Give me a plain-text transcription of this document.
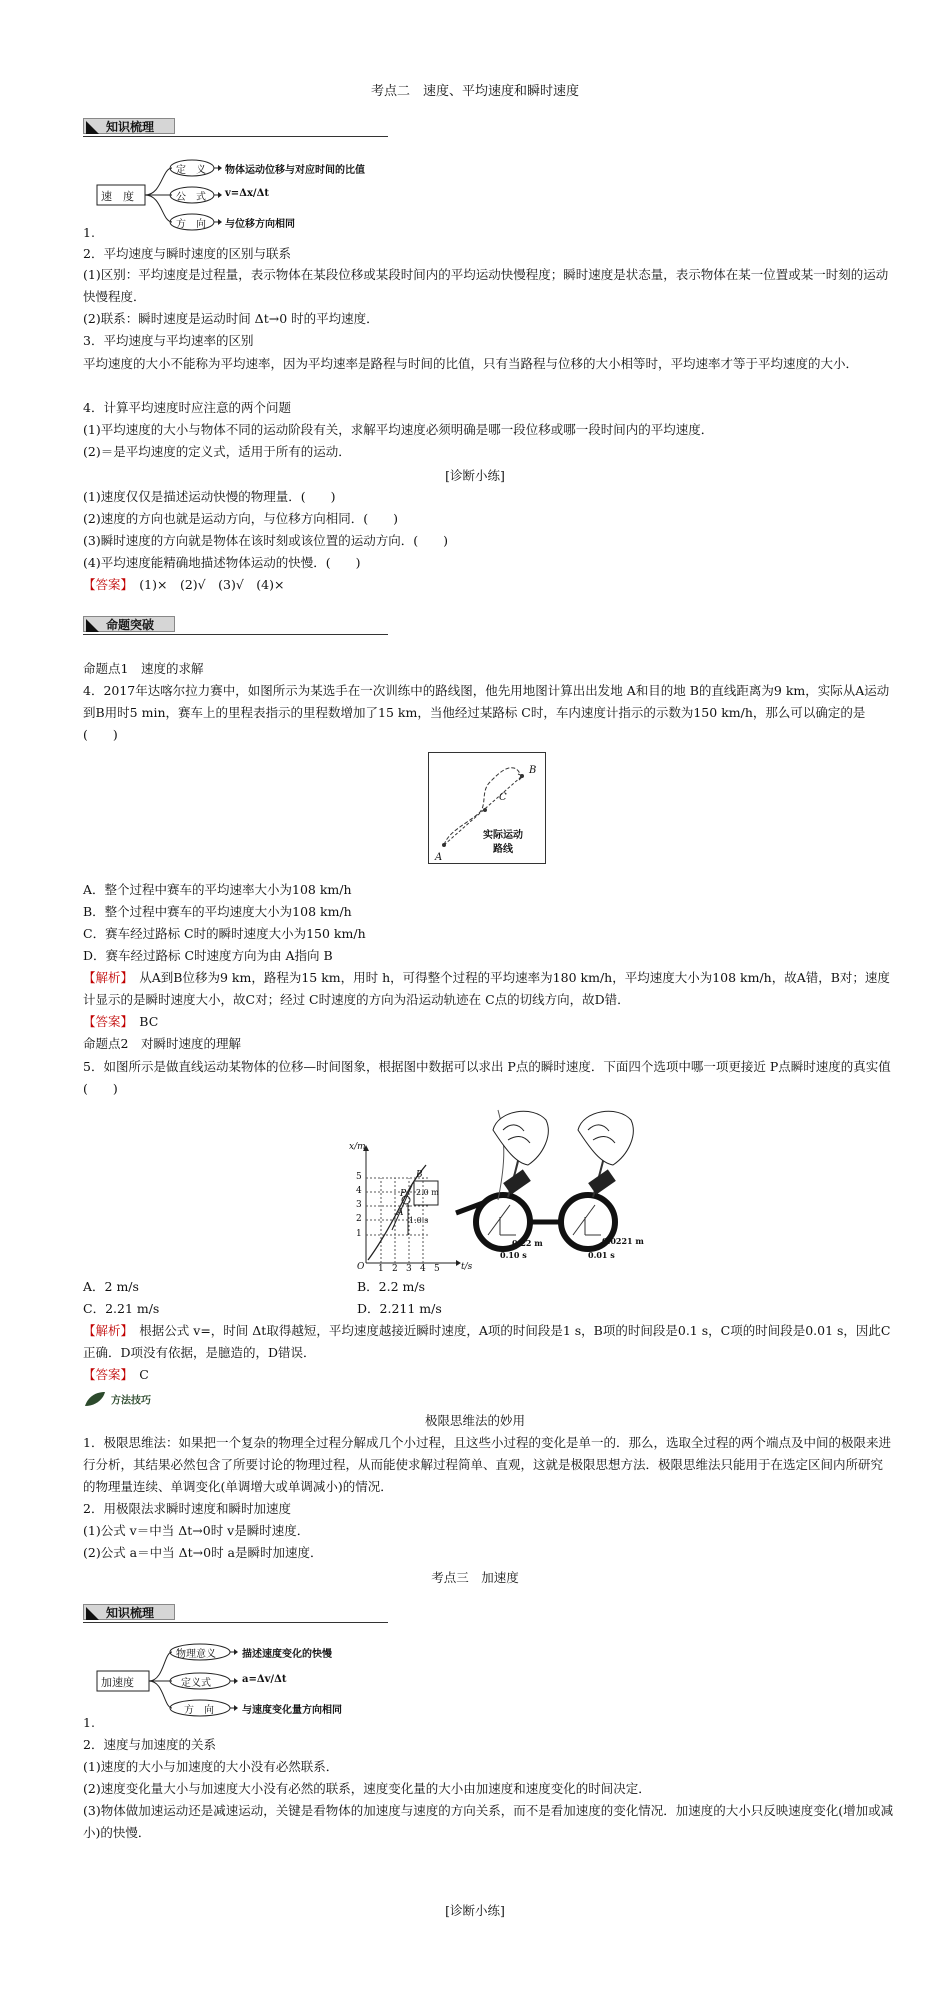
考点二　速度、平均速度和瞬时速度
知识梳理
速　度
定　义
公　式
方　向
物体运动位移与对应时间的比值
v=Δx/Δt
与位移方向相同
1.
2．平均速度与瞬时速度的区别与联系
(1)区别：平均速度是过程量，表示物体在某段位移或某段时间内的平均运动快慢程度；瞬时速度是状态量，表示物体在某一位置或某一时刻的运动快慢程度．
(2)联系：瞬时速度是运动时间 Δt→0 时的平均速度．
3．平均速度与平均速率的区别
平均速度的大小不能称为平均速率，因为平均速率是路程与时间的比值，只有当路程与位移的大小相等时，平均速率才等于平均速度的大小．
4．计算平均速度时应注意的两个问题
(1)平均速度的大小与物体不同的运动阶段有关，求解平均速度必须明确是哪一段位移或哪一段时间内的平均速度．
(2)＝是平均速度的定义式，适用于所有的运动．
[诊断小练]
(1)速度仅仅是描述运动快慢的物理量．(　　)
(2)速度的方向也就是运动方向，与位移方向相同．(　　)
(3)瞬时速度的方向就是物体在该时刻或该位置的运动方向．(　　)
(4)平均速度能精确地描述物体运动的快慢．(　　)
【答案】　 (1)×　(2)√　(3)√　(4)×
命题突破
命题点1　速度的求解
4．2017年达喀尔拉力赛中，如图所示为某选手在一次训练中的路线图，他先用地图计算出出发地 A和目的地 B的直线距离为9 km，实际从A运动到B用时5 min，赛车上的里程表指示的里程数增加了15 km，当他经过某路标 C时，车内速度计指示的示数为150 km/h，那么可以确定的是(　　)
B
C
A
实际运动
路线
A．整个过程中赛车的平均速率大小为108 km/h
B．整个过程中赛车的平均速度大小为108 km/h
C．赛车经过路标 C时的瞬时速度大小为150 km/h
D．赛车经过路标 C时速度方向为由 A指向 B
【解析】　 从A到B位移为9 km，路程为15 km，用时 h，可得整个过程的平均速率为180 km/h，平均速度大小为108 km/h，故A错，B对；速度计显示的是瞬时速度大小，故C对；经过 C时速度的方向为沿运动轨迹在 C点的切线方向，故D错．
【答案】　 BC
命题点2　对瞬时速度的理解
5．如图所示是做直线运动某物体的位移—时间图象，根据图中数据可以求出 P点的瞬时速度．下面四个选项中哪一项更接近 P点瞬时速度的真实值(　　)
x/m
t/s
5
4
3
2
1
O 1 2 3 4 5
B
A
P 2.0 m
1.0 s
0.22 m
0.10 s
0.0221 m
0.01 s
A．2 m/s	B．2.2 m/s
C．2.21 m/s	D．2.211 m/s
【解析】　 根据公式 v=，时间 Δt取得越短，平均速度越接近瞬时速度，A项的时间段是1 s，B项的时间段是0.1 s，C项的时间段是0.01 s，因此C正确．D项没有依据，是臆造的，D错误．
【答案】　 C
方法技巧
极限思维法的妙用
1．极限思维法：如果把一个复杂的物理全过程分解成几个小过程，且这些小过程的变化是单一的．那么，选取全过程的两个端点及中间的极限来进行分析，其结果必然包含了所要讨论的物理过程，从而能使求解过程简单、直观，这就是极限思想方法．极限思维法只能用于在选定区间内所研究的物理量连续、单调变化(单调增大或单调减小)的情况．
2．用极限法求瞬时速度和瞬时加速度
(1)公式 v＝中当 Δt→0时 v是瞬时速度．
(2)公式 a＝中当 Δt→0时 a是瞬时加速度．
考点三　加速度
知识梳理
加速度
物理意义
定义式
方　向
描述速度变化的快慢
a=Δv/Δt
与速度变化量方向相同
1.
2．速度与加速度的关系
(1)速度的大小与加速度的大小没有必然联系．
(2)速度变化量大小与加速度大小没有必然的联系，速度变化量的大小由加速度和速度变化的时间决定．
(3)物体做加速运动还是减速运动，关键是看物体的加速度与速度的方向关系，而不是看加速度的变化情况．加速度的大小只反映速度变化(增加或减小)的快慢．
[诊断小练]
